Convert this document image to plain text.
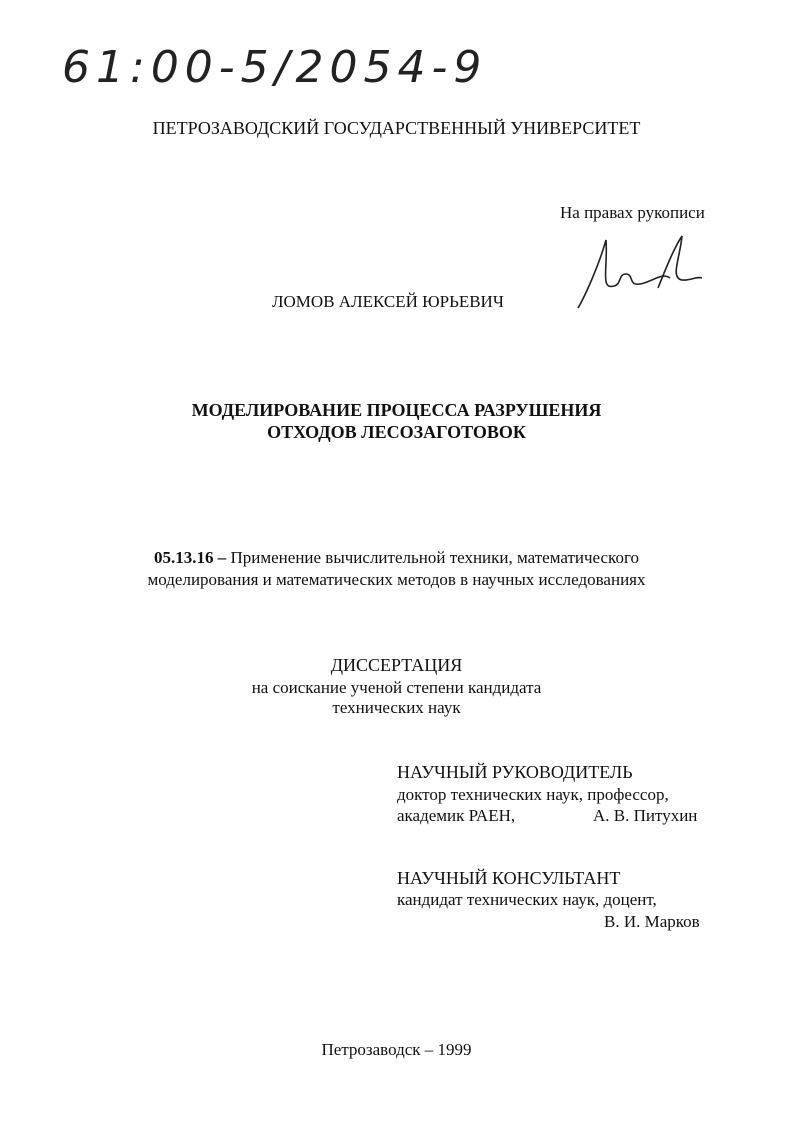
61:00-5/2054-9
ПЕТРОЗАВОДСКИЙ ГОСУДАРСТВЕННЫЙ УНИВЕРСИТЕТ
На правах рукописи
ЛОМОВ АЛЕКСЕЙ ЮРЬЕВИЧ
МОДЕЛИРОВАНИЕ ПРОЦЕССА РАЗРУШЕНИЯ
ОТХОДОВ ЛЕСОЗАГОТОВОК
05.13.16 – Применение вычислительной техники, математического
моделирования и математических методов в научных исследованиях
ДИССЕРТАЦИЯ
на соискание ученой степени кандидата
технических наук
НАУЧНЫЙ РУКОВОДИТЕЛЬ
доктор технических наук, профессор,
академик РАЕН,	А. В. Питухин
НАУЧНЫЙ КОНСУЛЬТАНТ
кандидат технических наук, доцент,
В. И. Марков
Петрозаводск – 1999
